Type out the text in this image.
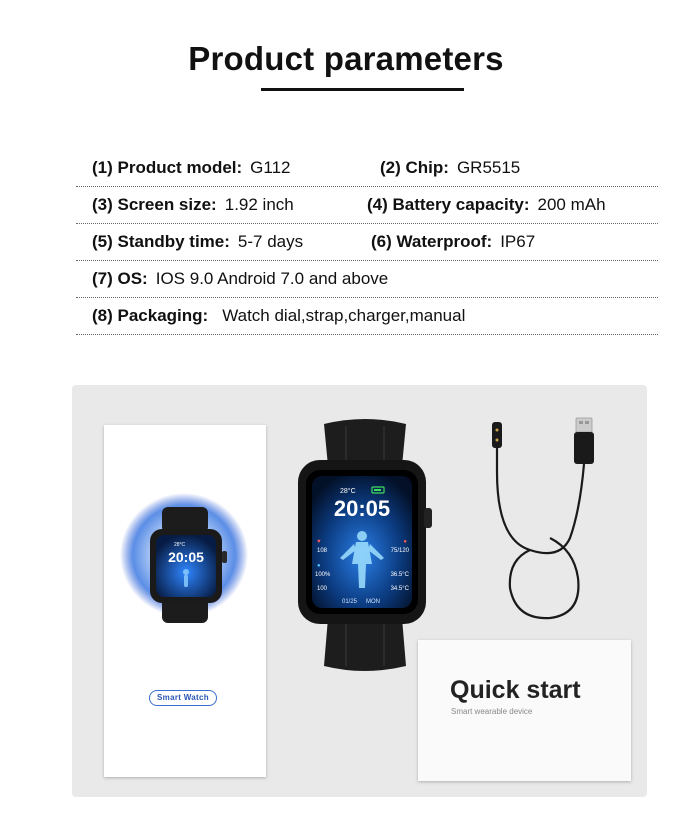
Product parameters
(1) Product model: G112	(2) Chip: GR5515
(3) Screen size: 1.92 inch	(4) Battery capacity: 200 mAh
(5) Standby time: 5-7 days	(6) Waterproof: IP67
(7) OS: IOS 9.0 Android 7.0 and above
(8) Packaging: Watch dial,strap,charger,manual
28°C
20:05
Smart Watch
28°C
20:05
♥
108
●
100%
100
●
75/120
36.5°C
34.5°C
01/25 MON
Quick start
Smart wearable device
